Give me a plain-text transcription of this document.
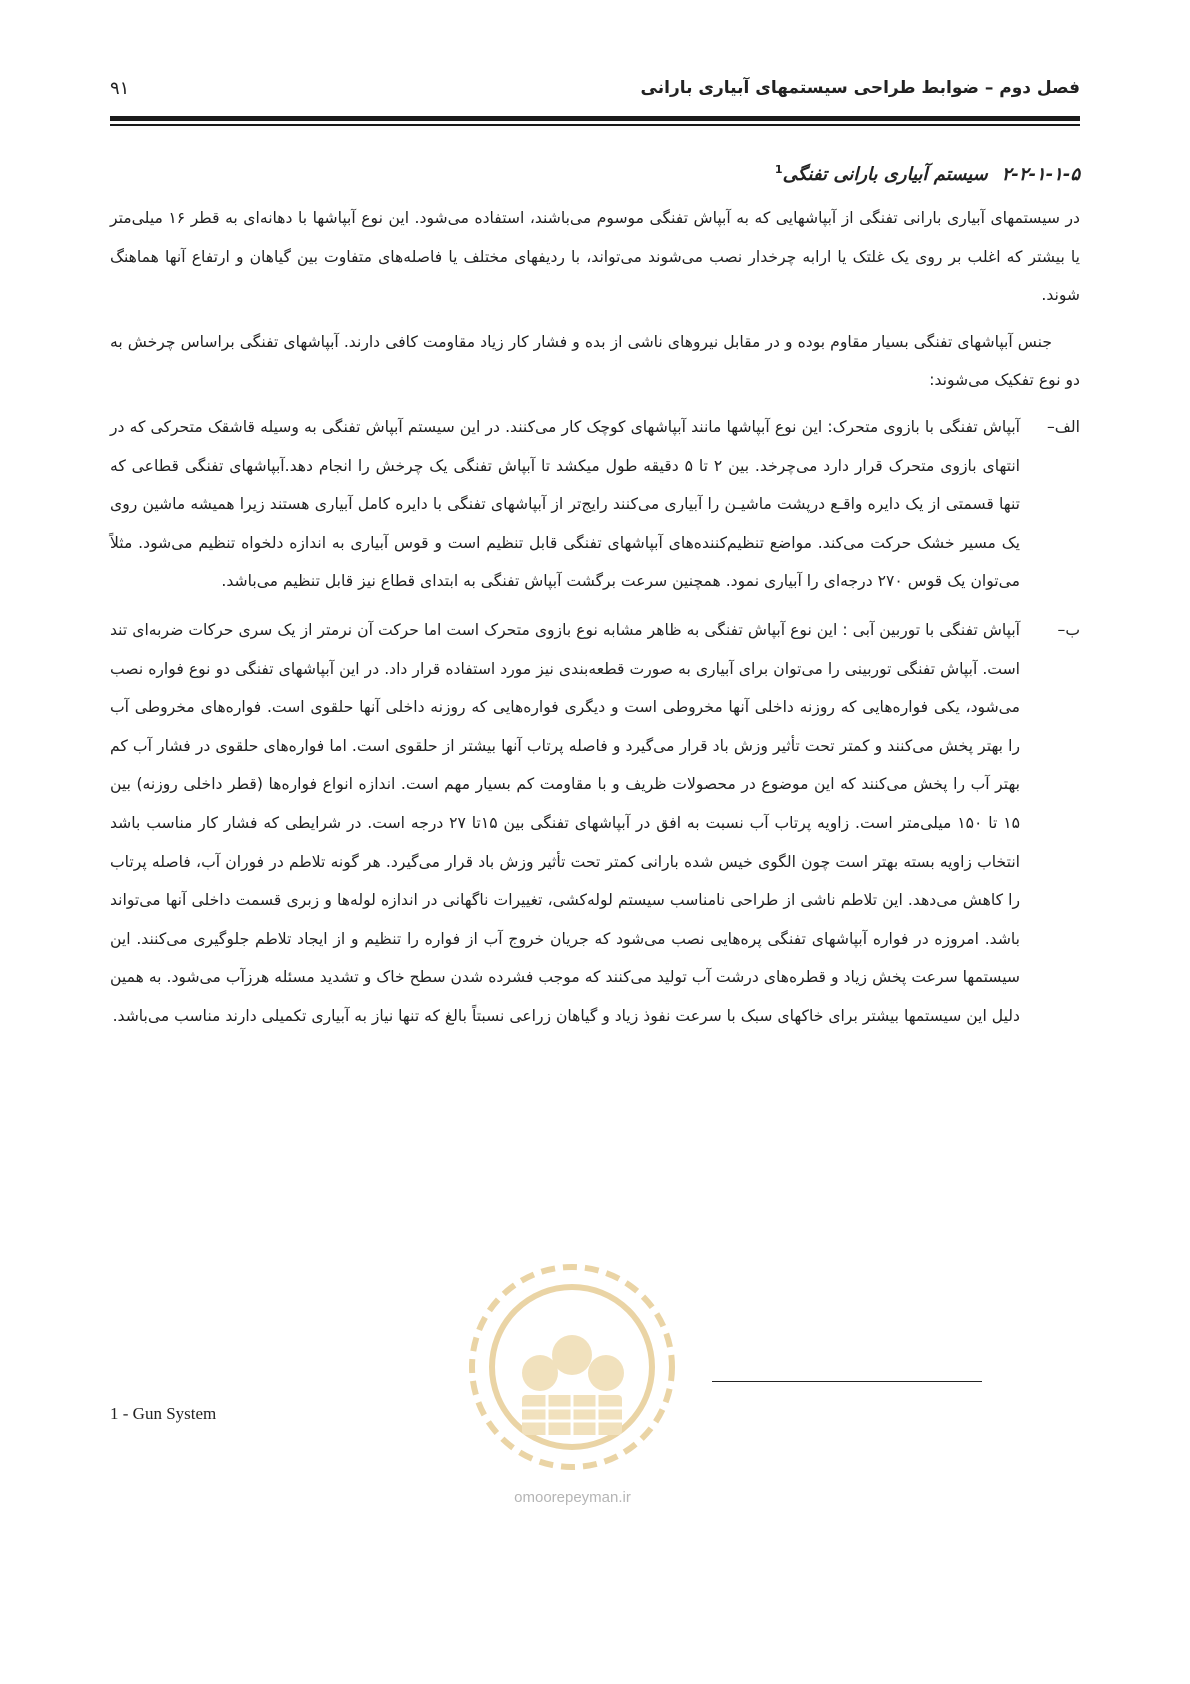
فصل دوم – ضوابط طراحی سیستمهای آبیاری بارانی
۹۱
۲-۲-۱-۱-۵سیستم آبیاری بارانی تفنگی$^1$

در سیستمهای آبیاری بارانی تفنگی از آبپاشهایی که به آبپاش تفنگی موسوم می‌باشند، استفاده می‌شود. این نوع آبپاشها با دهانه‌ای به قطر ۱۶ میلی‌متر یا بیشتر که اغلب بر روی یک غلتک یا ارابه چرخدار نصب می‌شوند می‌تواند، با ردیفهای مختلف یا فاصله‌های متفاوت بین گیاهان و ارتفاع آنها هماهنگ شوند.

جنس آبپاشهای تفنگی بسیار مقاوم بوده و در مقابل نیروهای ناشی از بده و فشار کار زیاد مقاومت کافی دارند. آبپاشهای تفنگی براساس چرخش به دو نوع تفکیک می‌شوند:

الف–
آبپاش تفنگی با بازوی متحرک: این نوع آبپاشها مانند آبپاشهای کوچک کار می‌کنند. در این سیستم آبپاش تفنگی به وسیله قاشقک متحرکی که در انتهای بازوی متحرک قرار دارد می‌چرخد. بین ۲ تا ۵ دقیقه طول میکشد تا آبپاش تفنگی یک چرخش را انجام دهد.آبپاشهای تفنگی قطاعی که تنها قسمتی از یک دایره واقـع درپشت ماشیـن را آبیاری می‌کنند رایج‌تر از آبپاشهای تفنگی با دایره کامل آبیاری هستند زیرا همیشه ماشین روی یک مسیر خشک حرکت می‌کند. مواضع تنظیم‌کننده‌های آبپاشهای تفنگی قابل تنظیم است و قوس آبیاری به اندازه دلخواه تنظیم می‌شود. مثلاً می‌توان یک قوس ۲۷۰ درجه‌ای را آبیاری نمود. همچنین سرعت برگشت آبپاش تفنگی به ابتدای قطاع نیز قابل تنظیم می‌باشد.
ب–
آبپاش تفنگی با توربین آبی : این نوع آبپاش تفنگی به ظاهر مشابه نوع بازوی متحرک است اما حرکت آن نرمتر از یک سری حرکات ضربه‌ای تند است. آبپاش تفنگی توربینی را می‌توان برای آبیاری به صورت قطعه‌بندی نیز مورد استفاده قرار داد. در این آبپاشهای تفنگی دو نوع فواره نصب می‌شود، یکی فواره‌هایی که روزنه داخلی آنها مخروطی است و دیگری فواره‌هایی که روزنه داخلی آنها حلقوی است. فواره‌های مخروطی آب را بهتر پخش می‌کنند و کمتر تحت تأثیر وزش باد قرار می‌گیرد و فاصله پرتاب آنها بیشتر از حلقوی است. اما فواره‌های حلقوی در فشار آب کم بهتر آب را پخش می‌کنند که این موضوع در محصولات ظریف و با مقاومت کم بسیار مهم است. اندازه انواع فواره‌ها (قطر داخلی روزنه) بین ۱۵ تا ۱۵۰ میلی‌متر است. زاویه پرتاب آب نسبت به افق در آبپاشهای تفنگی بین ۱۵تا ۲۷ درجه است. در شرایطی که فشار کار مناسب باشد انتخاب زاویه بسته بهتر است چون الگوی خیس شده بارانی کمتر تحت تأثیر وزش باد قرار می‌گیرد. هر گونه تلاطم در فوران آب، فاصله پرتاب را کاهش می‌دهد. این تلاطم ناشی از طراحی نامناسب سیستم لوله‌کشی، تغییرات ناگهانی در اندازه لوله‌ها و زبری قسمت داخلی آنها می‌تواند باشد. امروزه در فواره آبپاشهای تفنگی پره‌هایی نصب می‌شود که جریان خروج آب از فواره را تنظیم و از ایجاد تلاطم جلوگیری می‌کنند. این سیستمها سرعت پخش زیاد و قطره‌های درشت آب تولید می‌کنند که موجب فشرده شدن سطح خاک و تشدید مسئله هرزآب می‌شود. به همین دلیل این سیستمها بیشتر برای خاکهای سبک با سرعت نفوذ زیاد و گیاهان زراعی نسبتاً بالغ که تنها نیاز به آبیاری تکمیلی دارند مناسب می‌باشد.
omoorepeyman.ir
1 - Gun System
